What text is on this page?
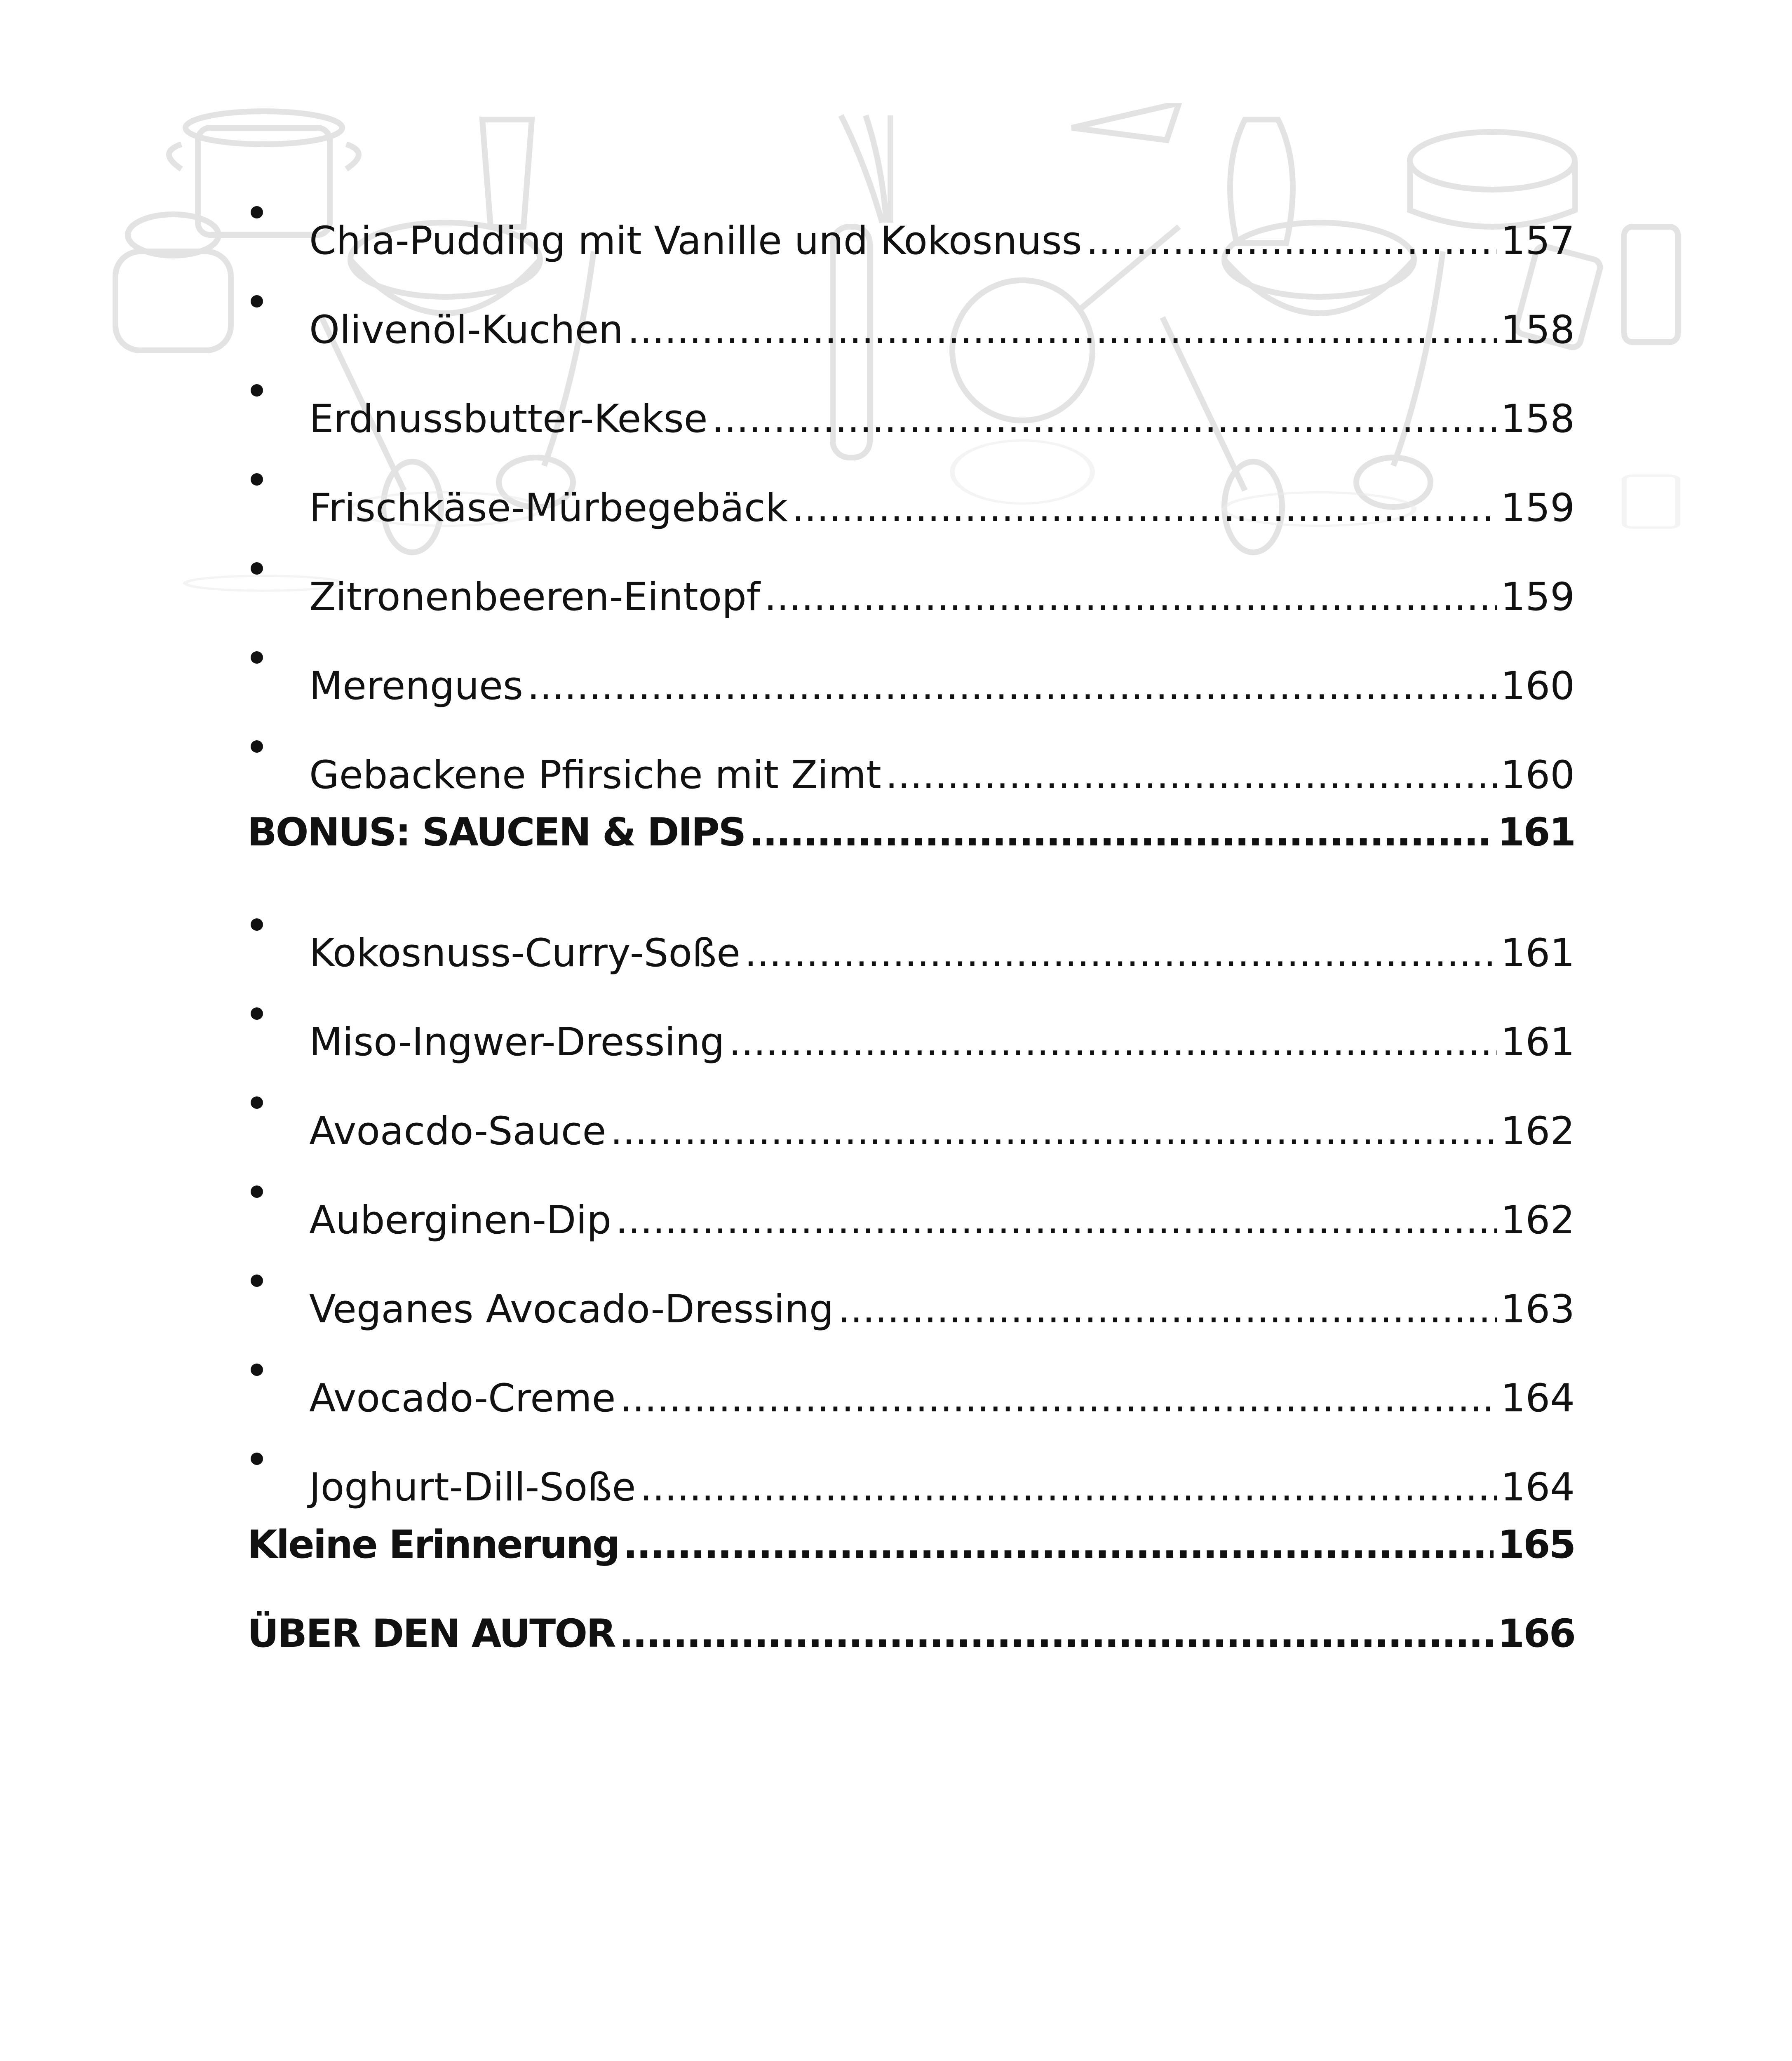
Chia-Pudding mit Vanille und Kokosnuss .....	157
Olivenöl-Kuchen .....	158
Erdnussbutter-Kekse .....	158
Frischkäse-Mürbegebäck .....	159
Zitronenbeeren-Eintopf .....	159
Merengues .....	160
Gebackene Pfirsiche mit Zimt .....	160
BONUS: SAUCEN & DIPS .....	161
Kokosnuss-Curry-Soße .....	161
Miso-Ingwer-Dressing .....	161
Avoacdo-Sauce .....	162
Auberginen-Dip .....	162
Veganes Avocado-Dressing .....	163
Avocado-Creme .....	164
Joghurt-Dill-Soße .....	164
Kleine Erinnerung .....	165
ÜBER DEN AUTOR .....	166
